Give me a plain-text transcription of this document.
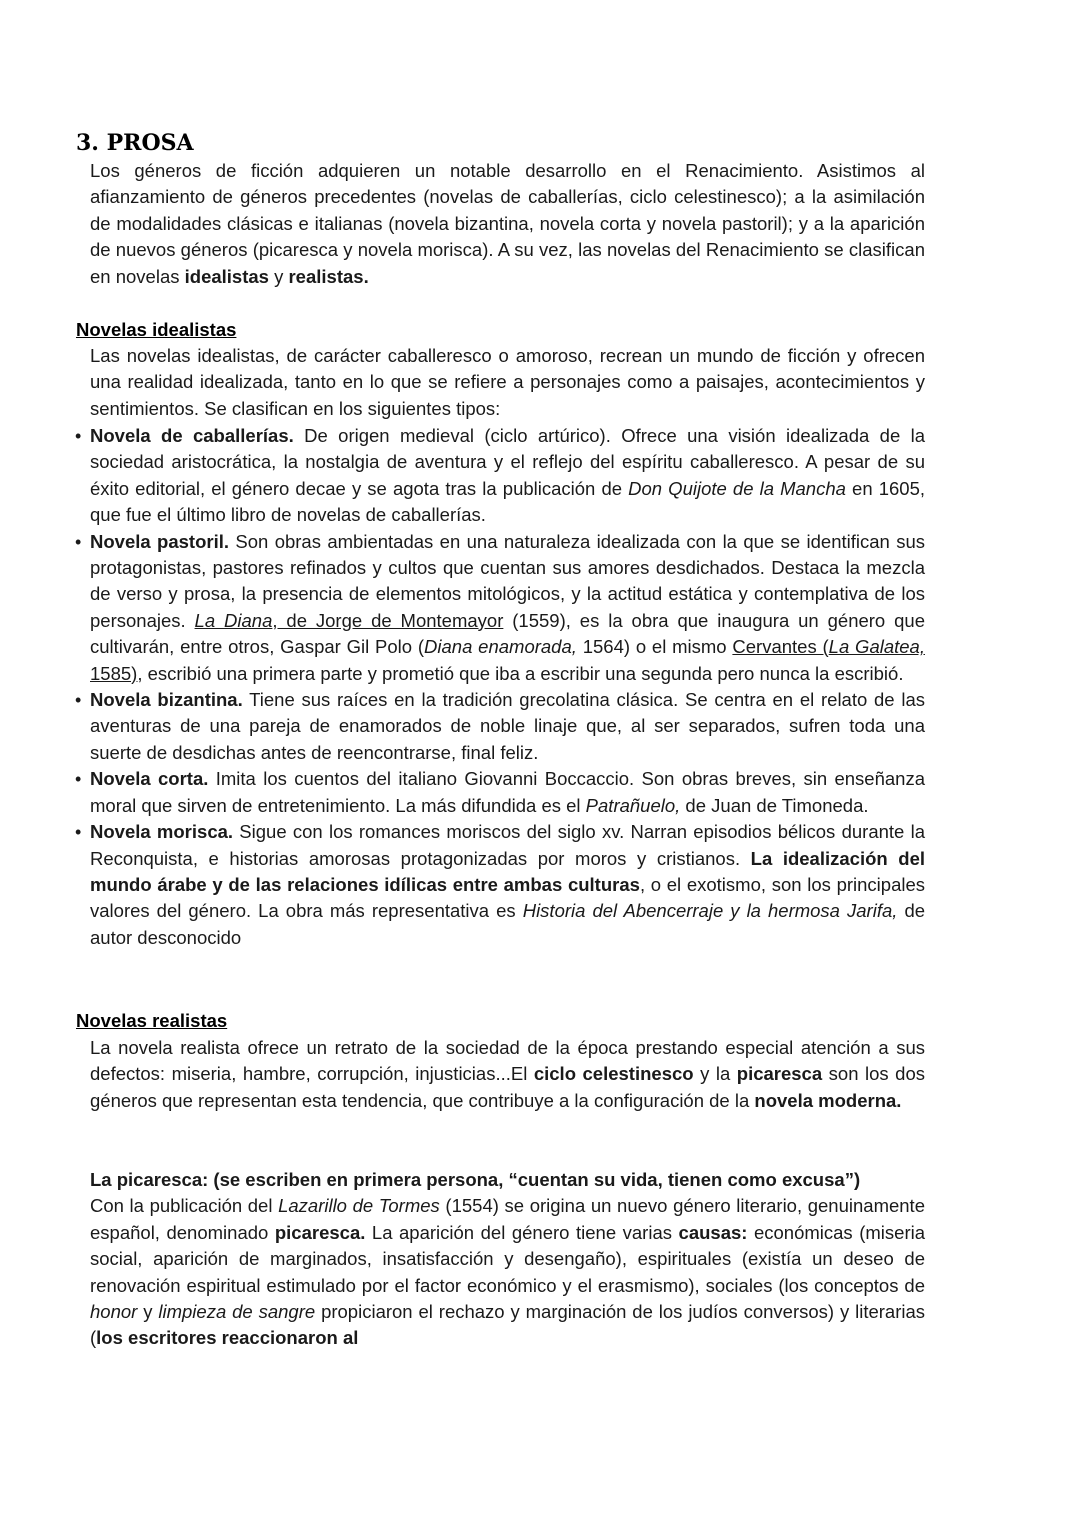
3. PROSA

Los géneros de ficción adquieren un notable desarrollo en el Renacimiento. Asistimos al afianzamiento de géneros precedentes (novelas de caballerías, ciclo celestinesco); a la asimilación de modalidades clásicas e italianas (novela bizantina, novela corta y novela pastoril); y a la aparición de nuevos géneros (picaresca y novela morisca). A su vez, las novelas del Renacimiento se clasifican en novelas idealistas y realistas.

Novelas idealistas

Las novelas idealistas, de carácter caballeresco o amoroso, recrean un mundo de ficción y ofrecen una realidad idealizada, tanto en lo que se refiere a personajes como a paisajes, acontecimientos y sentimientos. Se clasifican en los siguientes tipos:

• Novela de caballerías. De origen medieval (ciclo artúrico). Ofrece una visión idealizada de la sociedad aristocrática, la nostalgia de aventura y el reflejo del espíritu caballeresco. A pesar de su éxito editorial, el género decae y se agota tras la publicación de Don Quijote de la Mancha en 1605, que fue el último libro de novelas de caballerías.
• Novela pastoril. Son obras ambientadas en una naturaleza idealizada con la que se identifican sus protagonistas, pastores refinados y cultos que cuentan sus amores desdichados. Destaca la mezcla de verso y prosa, la presencia de elementos mitológicos, y la actitud estática y contemplativa de los personajes. La Diana, de Jorge de Montemayor (1559), es la obra que inaugura un género que cultivarán, entre otros, Gaspar Gil Polo (Diana enamorada, 1564) o el mismo Cervantes (La Galatea, 1585), escribió una primera parte y prometió que iba a escribir una segunda pero nunca la escribió.
• Novela bizantina. Tiene sus raíces en la tradición grecolatina clásica. Se centra en el relato de las aventuras de una pareja de enamorados de noble linaje que, al ser separados, sufren toda una suerte de desdichas antes de reencontrarse, final feliz.
• Novela corta. Imita los cuentos del italiano Giovanni Boccaccio. Son obras breves, sin enseñanza moral que sirven de entretenimiento. La más difundida es el Patrañuelo, de Juan de Timoneda.
• Novela morisca. Sigue con los romances moriscos del siglo xv. Narran episodios bélicos durante la Reconquista, e historias amorosas protagonizadas por moros y cristianos. La idealización del mundo árabe y de las relaciones idílicas entre ambas culturas, o el exotismo, son los principales valores del género. La obra más representativa es Historia del Abencerraje y la hermosa Jarifa, de autor desconocido
Novelas realistas

La novela realista ofrece un retrato de la sociedad de la época prestando especial atención a sus defectos: miseria, hambre, corrupción, injusticias...El ciclo celestinesco y la picaresca son los dos géneros que representan esta tendencia, que contribuye a la configuración de la novela moderna.

La picaresca: (se escriben en primera persona, “cuentan su vida, tienen como excusa”)
Con la publicación del Lazarillo de Tormes (1554) se origina un nuevo género literario, genuinamente español, denominado picaresca. La aparición del género tiene varias causas: económicas (miseria social, aparición de marginados, insatisfacción y desengaño), espirituales (existía un deseo de renovación espiritual estimulado por el factor económico y el erasmismo), sociales (los conceptos de honor y limpieza de sangre propiciaron el rechazo y marginación de los judíos conversos) y literarias (los escritores reaccionaron al
